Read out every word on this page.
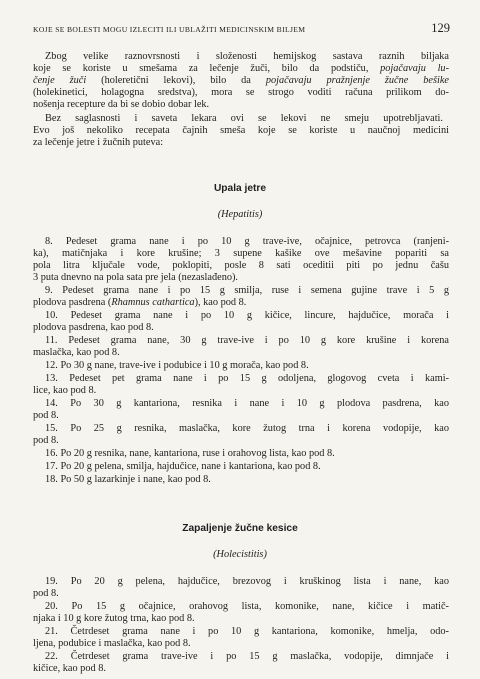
KOJE SE BOLESTI MOGU IZLECITI ILI UBLAŽITI MEDICINSKIM BILJEM	129
Zbog velike raznovrsnosti i složenosti hemijskog sastava raznih biljaka
koje se koriste u smešama za lečenje žuči, bilo da podstiču, pojačavaju lu-
čenje žuči (holeretični lekovi), bilo da pojačavaju pražnjenje žučne bešike
(holekinetici, holagogna sredstva), mora se strogo voditi računa prilikom do-
nošenja recepture da bi se dobio dobar lek.
Bez saglasnosti i saveta lekara ovi se lekovi ne smeju upotrebljavati.
Evo još nekoliko recepata čajnih smeša koje se koriste u naučnoj medicini
za lečenje jetre i žučnih puteva:
Upala jetre
(Hepatitis)
8. Pedeset grama nane i po 10 g trave-ive, očajnice, petrovca (ranjeni-
ka), matičnjaka i kore krušine; 3 supene kašike ove mešavine popariti sa
pola litra ključale vode, poklopiti, posle 8 sati oceditii piti po jednu čašu
3 puta dnevno na pola sata pre jela (nezaslađeno).
9. Pedeset grama nane i po 15 g smilja, ruse i semena gujine trave i 5 g
plodova pasdrena (Rhamnus cathartica), kao pod 8.
10. Pedeset grama nane i po 10 g kičice, lincure, hajdučice, morača i
plodova pasdrena, kao pod 8.
11. Pedeset grama nane, 30 g trave-ive i po 10 g kore krušine i korena
maslačka, kao pod 8.
12. Po 30 g nane, trave-ive i podubice i 10 g morača, kao pod 8.
13. Pedeset pet grama nane i po 15 g odoljena, glogovog cveta i kami-
lice, kao pod 8.
14. Po 30 g kantariona, resnika i nane i 10 g plodova pasdrena, kao
pod 8.
15. Po 25 g resnika, maslačka, kore žutog trna i korena vodopije, kao
pod 8.
16. Po 20 g resnika, nane, kantariona, ruse i orahovog lista, kao pod 8.
17. Po 20 g pelena, smilja, hajdučice, nane i kantariona, kao pod 8.
18. Po 50 g lazarkinje i nane, kao pod 8.
Zapaljenje žučne kesice
(Holecistitis)
19. Po 20 g pelena, hajdučice, brezovog i kruškinog lista i nane, kao
pod 8.
20. Po 15 g očajnice, orahovog lista, komonike, nane, kičice i matič-
njaka i 10 g kore žutog trna, kao pod 8.
21. Četrdeset grama nane i po 10 g kantariona, komonike, hmelja, odo-
ljena, podubice i maslačka, kao pod 8.
22. Četrdeset grama trave-ive i po 15 g maslačka, vodopije, dimnjače i
kičice, kao pod 8.
